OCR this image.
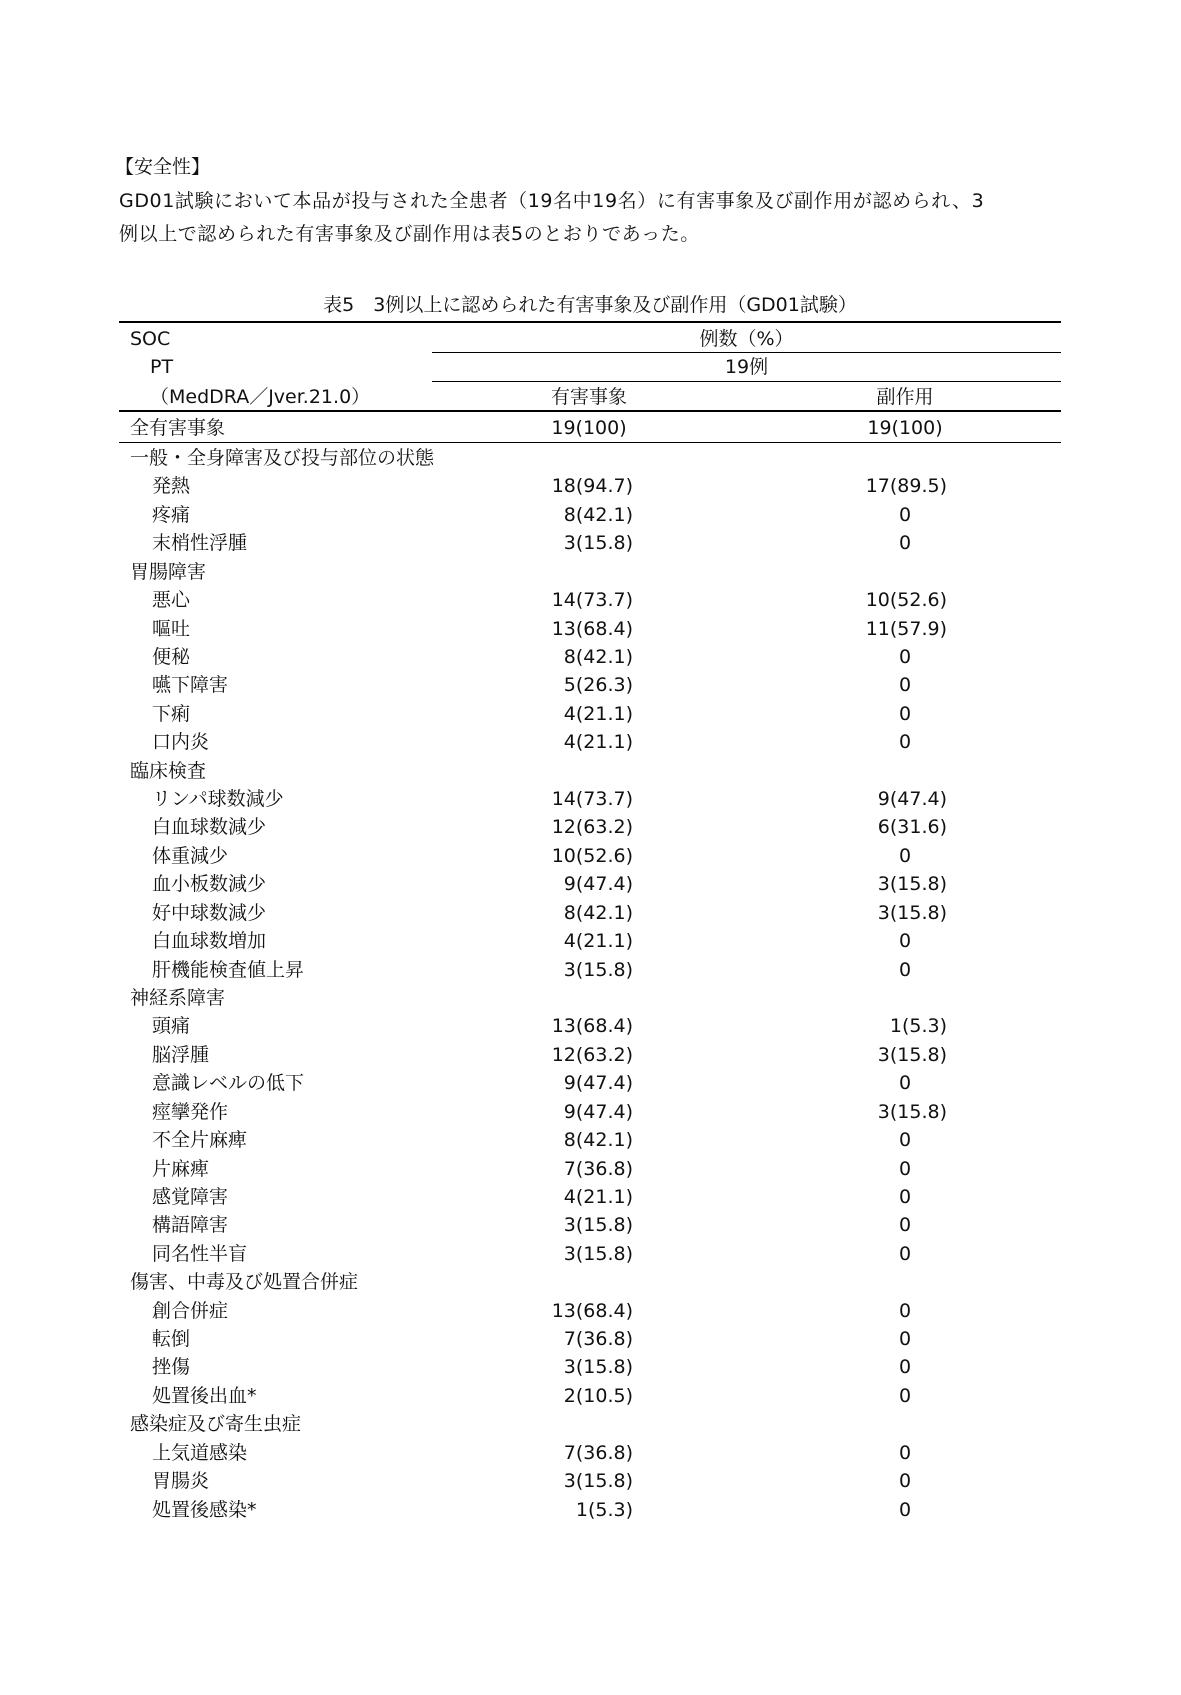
【安全性】
GD01試験において本品が投与された全患者（19名中19名）に有害事象及び副作用が認められ、3
例以上で認められた有害事象及び副作用は表5のとおりであった。
表5　3例以上に認められた有害事象及び副作用（GD01試験）
SOC
PT
（MedDRA／Jver.21.0）
例数（%）
19例
有害事象	副作用
全有害事象	19(100)	19(100)
一般・全身障害及び投与部位の状態
発熱	18(94.7)	17(89.5)
疼痛	8(42.1)	0
末梢性浮腫	3(15.8)	0
胃腸障害
悪心	14(73.7)	10(52.6)
嘔吐	13(68.4)	11(57.9)
便秘	8(42.1)	0
嚥下障害	5(26.3)	0
下痢	4(21.1)	0
口内炎	4(21.1)	0
臨床検査
リンパ球数減少	14(73.7)	9(47.4)
白血球数減少	12(63.2)	6(31.6)
体重減少	10(52.6)	0
血小板数減少	9(47.4)	3(15.8)
好中球数減少	8(42.1)	3(15.8)
白血球数増加	4(21.1)	0
肝機能検査値上昇	3(15.8)	0
神経系障害
頭痛	13(68.4)	1(5.3)
脳浮腫	12(63.2)	3(15.8)
意識レベルの低下	9(47.4)	0
痙攣発作	9(47.4)	3(15.8)
不全片麻痺	8(42.1)	0
片麻痺	7(36.8)	0
感覚障害	4(21.1)	0
構語障害	3(15.8)	0
同名性半盲	3(15.8)	0
傷害、中毒及び処置合併症
創合併症	13(68.4)	0
転倒	7(36.8)	0
挫傷	3(15.8)	0
処置後出血*	2(10.5)	0
感染症及び寄生虫症
上気道感染	7(36.8)	0
胃腸炎	3(15.8)	0
処置後感染*	1(5.3)	0
